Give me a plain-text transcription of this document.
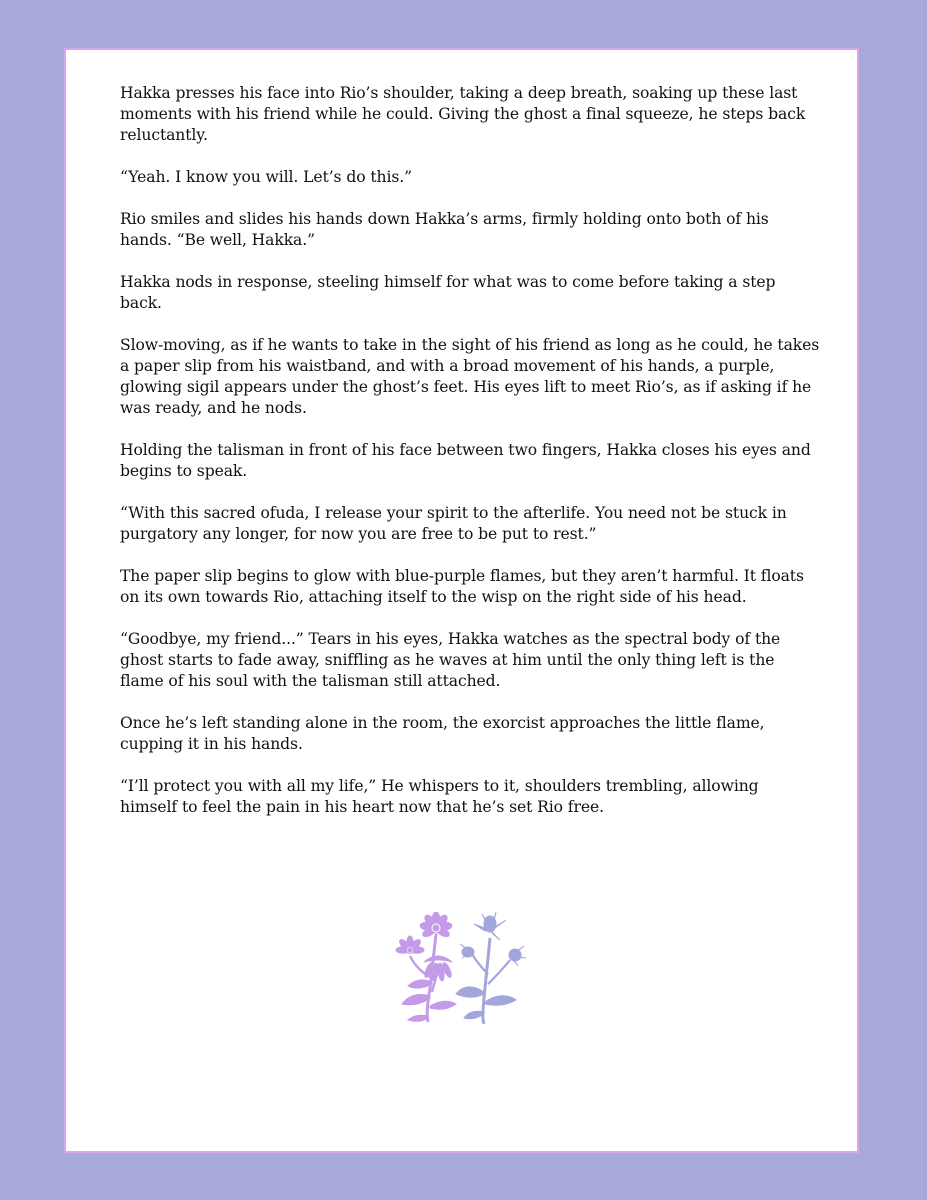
Hakka presses his face into Rio’s shoulder, taking a deep breath, soaking up these last moments with his friend while he could. Giving the ghost a final squeeze, he steps back reluctantly.

“Yeah. I know you will. Let’s do this.”

Rio smiles and slides his hands down Hakka’s arms, firmly holding onto both of his hands. “Be well, Hakka.”

Hakka nods in response, steeling himself for what was to come before taking a step back.

Slow-moving, as if he wants to take in the sight of his friend as long as he could, he takes a paper slip from his waistband, and with a broad movement of his hands, a purple, glowing sigil appears under the ghost’s feet. His eyes lift to meet Rio’s, as if asking if he was ready, and he nods.

Holding the talisman in front of his face between two fingers, Hakka closes his eyes and begins to speak.

“With this sacred ofuda, I release your spirit to the afterlife. You need not be stuck in purgatory any longer, for now you are free to be put to rest.”

The paper slip begins to glow with blue-purple flames, but they aren’t harmful. It floats on its own towards Rio, attaching itself to the wisp on the right side of his head.

“Goodbye, my friend...” Tears in his eyes, Hakka watches as the spectral body of the ghost starts to fade away, sniffling as he waves at him until the only thing left is the flame of his soul with the talisman still attached.

Once he’s left standing alone in the room, the exorcist approaches the little flame, cupping it in his hands.

“I’ll protect you with all my life,” He whispers to it, shoulders trembling, allowing himself to feel the pain in his heart now that he’s set Rio free.
